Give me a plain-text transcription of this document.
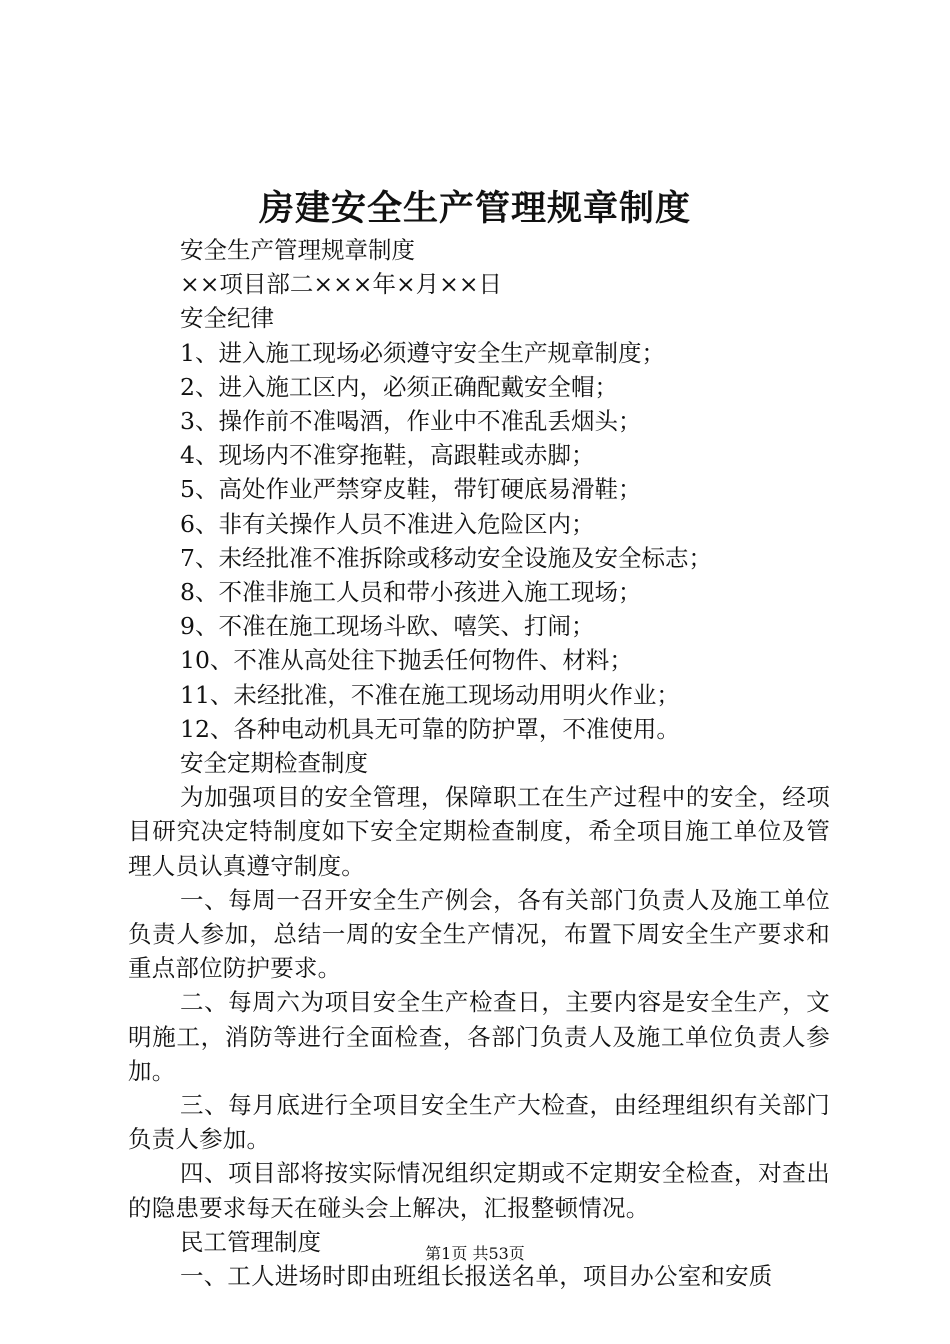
房建安全生产管理规章制度
安全生产管理规章制度
××项目部二×××年×月××日
安全纪律
1、进入施工现场必须遵守安全生产规章制度；
2、进入施工区内，必须正确配戴安全帽；
3、操作前不准喝酒，作业中不准乱丢烟头；
4、现场内不准穿拖鞋，高跟鞋或赤脚；
5、高处作业严禁穿皮鞋，带钉硬底易滑鞋；
6、非有关操作人员不准进入危险区内；
7、未经批准不准拆除或移动安全设施及安全标志；
8、不准非施工人员和带小孩进入施工现场；
9、不准在施工现场斗欧、嘻笑、打闹；
10、不准从高处往下抛丢任何物件、材料；
11、未经批准，不准在施工现场动用明火作业；
12、各种电动机具无可靠的防护罩，不准使用。
安全定期检查制度
为加强项目的安全管理，保障职工在生产过程中的安全，经项目研究决定特制度如下安全定期检查制度，希全项目施工单位及管理人员认真遵守制度。
一、每周一召开安全生产例会，各有关部门负责人及施工单位负责人参加，总结一周的安全生产情况，布置下周安全生产要求和重点部位防护要求。
二、每周六为项目安全生产检查日，主要内容是安全生产，文明施工，消防等进行全面检查，各部门负责人及施工单位负责人参加。
三、每月底进行全项目安全生产大检查，由经理组织有关部门负责人参加。
四、项目部将按实际情况组织定期或不定期安全检查，对查出的隐患要求每天在碰头会上解决，汇报整顿情况。
民工管理制度
一、工人进场时即由班组长报送名单，项目办公室和安质
第1页 共53页
